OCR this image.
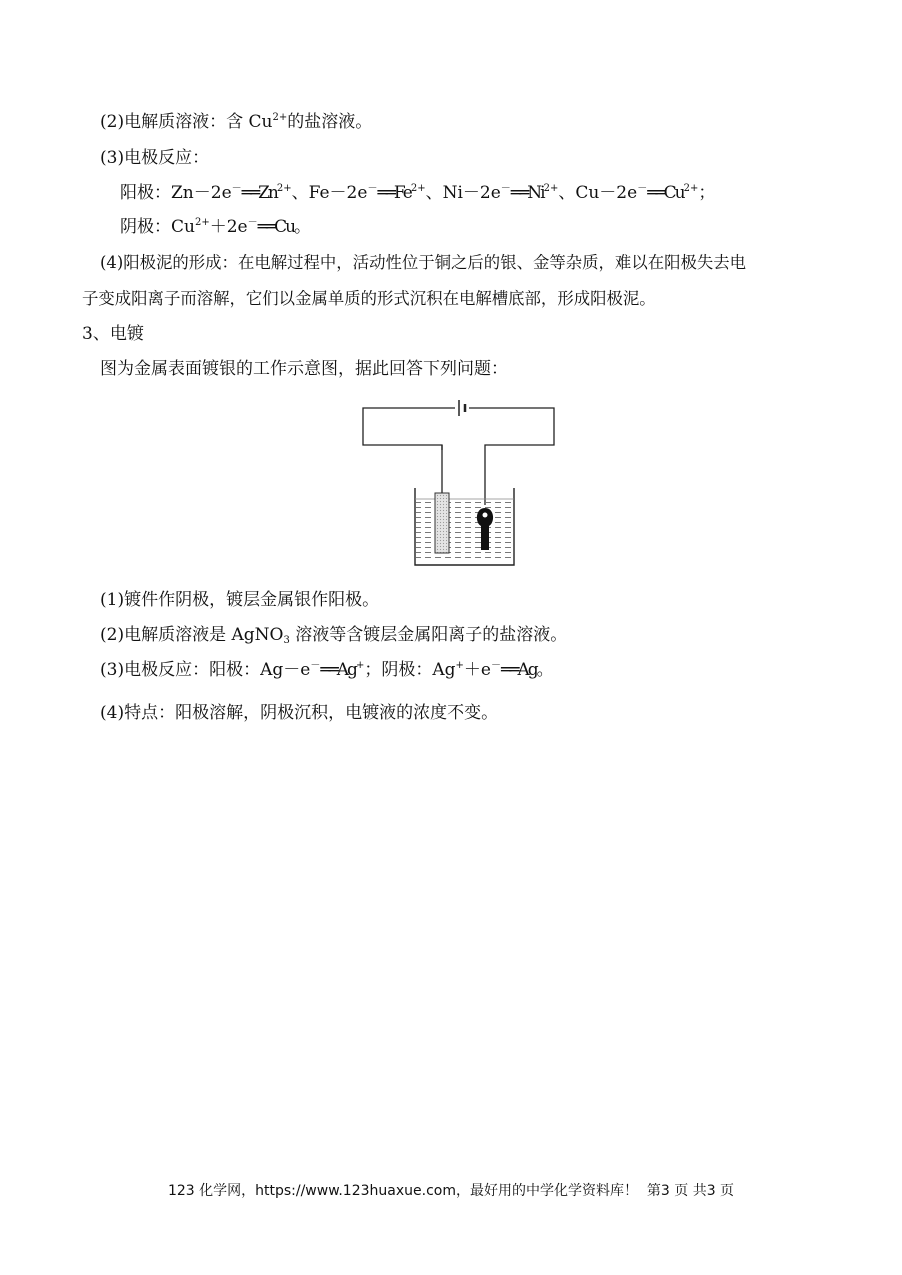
(2)电解质溶液：含 $Cu^{2+}$的盐溶液。
(3)电极反应：
阳极：$Zn-2e^-══Zn^{2+}$、$Fe-2e^-══Fe^{2+}$、$Ni-2e^-══Ni^{2+}$、$Cu-2e^-══Cu^{2+}$；
阴极：$Cu^{2+}+2e^-══Cu$。
(4)阳极泥的形成：在电解过程中，活动性位于铜之后的银、金等杂质，难以在阳极失去电
子变成阳离子而溶解，它们以金属单质的形式沉积在电解槽底部，形成阳极泥。
3、电镀
图为金属表面镀银的工作示意图，据此回答下列问题：
(1)镀件作阴极，镀层金属银作阳极。
(2)电解质溶液是 AgNO$_3$ 溶液等含镀层金属阳离子的盐溶液。
(3)电极反应：阳极：Ag－e－══Ag+；阴极：Ag+＋e－══Ag。
(4)特点：阳极溶解，阴极沉积，电镀液的浓度不变。
123 化学网，https://www.123huaxue.com，最好用的中学化学资料库！ 第3 页 共3 页
